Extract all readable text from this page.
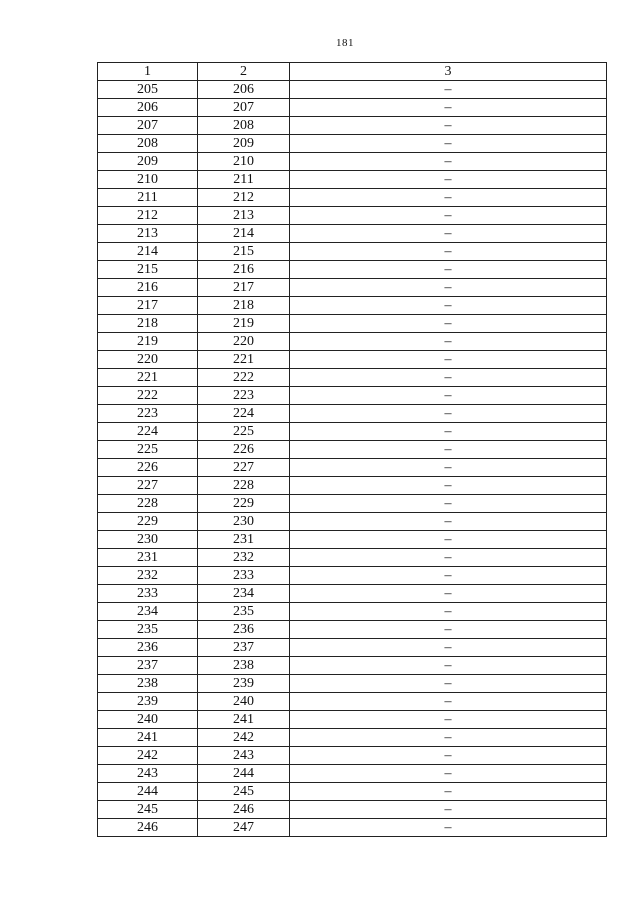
181
1	2	3
205	206	–
206	207	–
207	208	–
208	209	–
209	210	–
210	211	–
211	212	–
212	213	–
213	214	–
214	215	–
215	216	–
216	217	–
217	218	–
218	219	–
219	220	–
220	221	–
221	222	–
222	223	–
223	224	–
224	225	–
225	226	–
226	227	–
227	228	–
228	229	–
229	230	–
230	231	–
231	232	–
232	233	–
233	234	–
234	235	–
235	236	–
236	237	–
237	238	–
238	239	–
239	240	–
240	241	–
241	242	–
242	243	–
243	244	–
244	245	–
245	246	–
246	247	–
